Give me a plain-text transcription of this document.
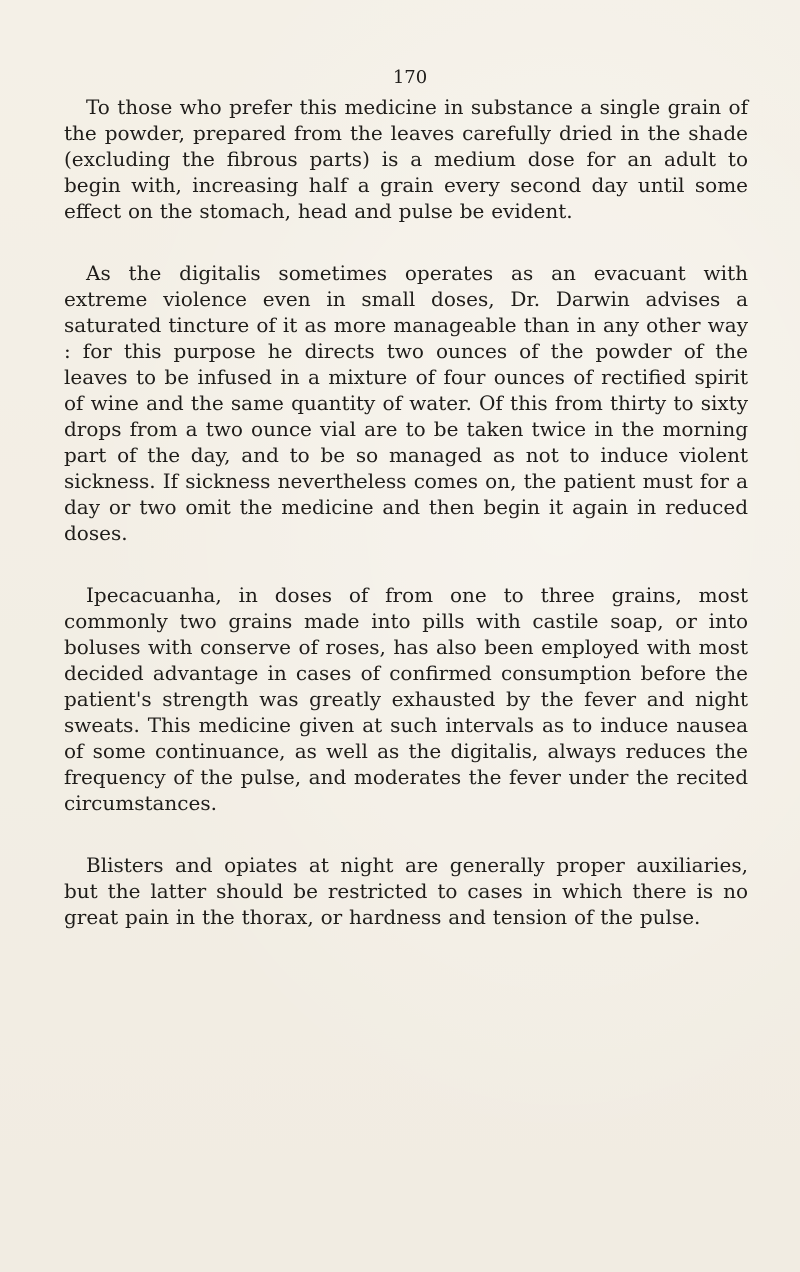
170

To those who prefer this medicine in substance a single grain of the powder, prepared from the leaves carefully dried in the shade (excluding the fibrous parts) is a medium dose for an adult to begin with, increasing half a grain every second day until some effect on the stomach, head and pulse be evident.

As the digitalis sometimes operates as an evacuant with extreme violence even in small doses, Dr. Darwin advises a saturated tincture of it as more manageable than in any other way : for this purpose he directs two ounces of the powder of the leaves to be infused in a mixture of four ounces of rectified spirit of wine and the same quantity of water. Of this from thirty to sixty drops from a two ounce vial are to be taken twice in the morning part of the day, and to be so managed as not to induce violent sickness. If sickness nevertheless comes on, the patient must for a day or two omit the medicine and then begin it again in reduced doses.

Ipecacuanha, in doses of from one to three grains, most commonly two grains made into pills with castile soap, or into boluses with conserve of roses, has also been employed with most decided advantage in cases of confirmed consumption before the patient's strength was greatly exhausted by the fever and night sweats. This medicine given at such intervals as to induce nausea of some continuance, as well as the digitalis, always reduces the frequency of the pulse, and moderates the fever under the recited circumstances.

Blisters and opiates at night are generally proper auxiliaries, but the latter should be restricted to cases in which there is no great pain in the thorax, or hardness and tension of the pulse.
